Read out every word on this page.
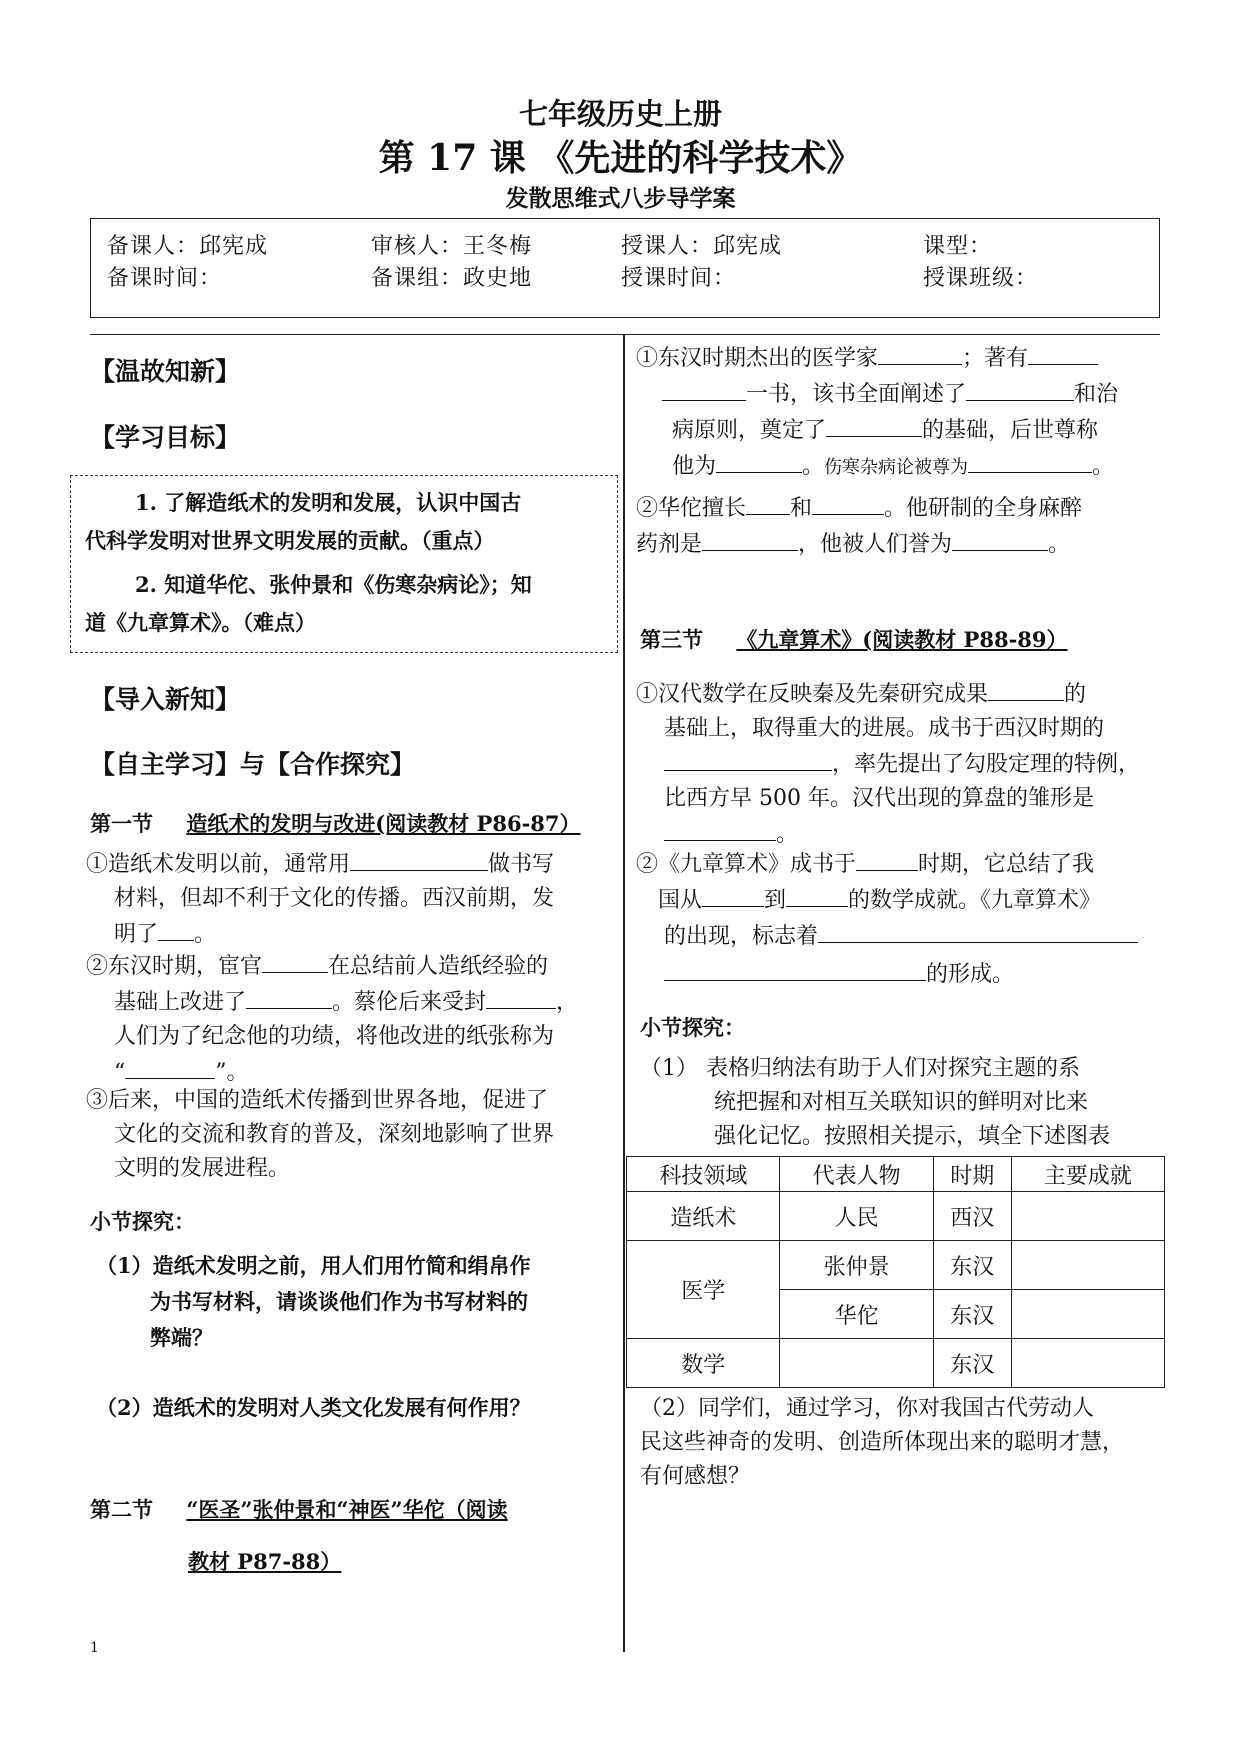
七年级历史上册
第 17 课 《先进的科学技术》
发散思维式八步导学案
备课人：邱宪成	审核人：王冬梅	授课人：邱宪成	课型：
备课时间：	备课组：政史地	授课时间：	授课班级：
【温故知新】
【学习目标】

1. 了解造纸术的发明和发展，认识中国古

代科学发明对世界文明发展的贡献。（重点）

2. 知道华佗、张仲景和《伤寒杂病论》；知

道《九章算术》。（难点）

【导入新知】
【自主学习】与【合作探究】
第一节 造纸术的发明与改进(阅读教材 P86-87）
①造纸术发明以前，通常用	做书写
材料，但却不利于文化的传播。西汉前期，发
明了 。
②东汉时期，宦官	在总结前人造纸经验的
基础上改进了	。蔡伦后来受封	，
人们为了纪念他的功绩，将他改进的纸张称为
“	”。
③后来，中国的造纸术传播到世界各地，促进了
文化的交流和教育的普及，深刻地影响了世界
文明的发展进程。
小节探究：
（1）造纸术发明之前，用人们用竹简和绢帛作
为书写材料，请谈谈他们作为书写材料的
弊端？
（2）造纸术的发明对人类文化发展有何作用？
第二节 “医圣”张仲景和“神医”华佗（阅读
教材 P87-88）
1
①东汉时期杰出的医学家	；著有
一书，该书全面阐述了	和治
病原则，奠定了	的基础，后世尊称
他为	。伤寒杂病论被尊为	。
②华佗擅长 和	。他研制的全身麻醉
药剂是	，他被人们誉为	。
第三节 《九章算术》(阅读教材 P88-89）
①汉代数学在反映秦及先秦研究成果	的
基础上，取得重大的进展。成书于西汉时期的
，率先提出了勾股定理的特例，
比西方早 500 年。汉代出现的算盘的雏形是
。
②《九章算术》成书于	时期，它总结了我
国从	到	的数学成就。《九章算术》
的出现，标志着
的形成。
小节探究：
（1） 表格归纳法有助于人们对探究主题的系
统把握和对相互关联知识的鲜明对比来
强化记忆。按照相关提示，填全下述图表
科技领域	代表人物	时期	主要成就
造纸术	人民	西汉	
医学	张仲景	东汉	
	华佗	东汉	
数学		东汉	
（2）同学们，通过学习，你对我国古代劳动人
民这些神奇的发明、创造所体现出来的聪明才慧，
有何感想？
